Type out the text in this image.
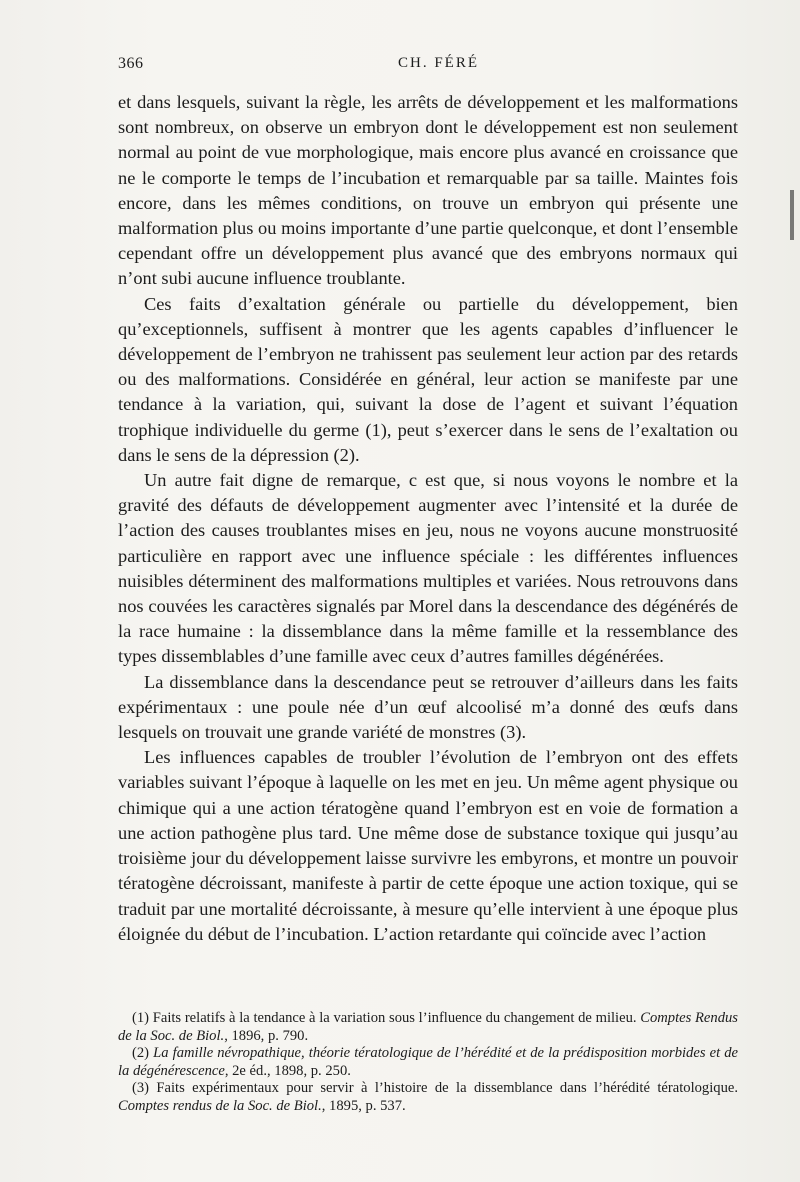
366	CH. FÉRÉ

et dans lesquels, suivant la règle, les arrêts de développement et les malformations sont nombreux, on observe un embryon dont le développement est non seulement normal au point de vue morphologique, mais encore plus avancé en croissance que ne le comporte le temps de l’incubation et remarquable par sa taille. Maintes fois encore, dans les mêmes conditions, on trouve un embryon qui présente une malformation plus ou moins importante d’une partie quelconque, et dont l’ensemble cependant offre un développement plus avancé que des embryons normaux qui n’ont subi aucune influence troublante.

Ces faits d’exaltation générale ou partielle du développement, bien qu’exceptionnels, suffisent à montrer que les agents capables d’influencer le développement de l’embryon ne trahissent pas seulement leur action par des retards ou des malformations. Considérée en général, leur action se manifeste par une tendance à la variation, qui, suivant la dose de l’agent et suivant l’équation trophique individuelle du germe (1), peut s’exercer dans le sens de l’exaltation ou dans le sens de la dépression (2).

Un autre fait digne de remarque, c est que, si nous voyons le nombre et la gravité des défauts de développement augmenter avec l’intensité et la durée de l’action des causes troublantes mises en jeu, nous ne voyons aucune monstruosité particulière en rapport avec une influence spéciale : les différentes influences nuisibles déterminent des malformations multiples et variées. Nous retrouvons dans nos couvées les caractères signalés par Morel dans la descendance des dégénérés de la race humaine : la dissemblance dans la même famille et la ressemblance des types dissemblables d’une famille avec ceux d’autres familles dégénérées.

La dissemblance dans la descendance peut se retrouver d’ailleurs dans les faits expérimentaux : une poule née d’un œuf alcoolisé m’a donné des œufs dans lesquels on trouvait une grande variété de monstres (3).

Les influences capables de troubler l’évolution de l’embryon ont des effets variables suivant l’époque à laquelle on les met en jeu. Un même agent physique ou chimique qui a une action tératogène quand l’embryon est en voie de formation a une action pathogène plus tard. Une même dose de substance toxique qui jusqu’au troisième jour du développement laisse survivre les embyrons, et montre un pouvoir tératogène décroissant, manifeste à partir de cette époque une action toxique, qui se traduit par une mortalité décroissante, à mesure qu’elle intervient à une époque plus éloignée du début de l’incubation. L’action retardante qui coïncide avec l’action

(1) Faits relatifs à la tendance à la variation sous l’influence du changement de milieu. Comptes Rendus de la Soc. de Biol., 1896, p. 790.

(2) La famille névropathique, théorie tératologique de l’hérédité et de la prédisposition morbides et de la dégénérescence, 2e éd., 1898, p. 250.

(3) Faits expérimentaux pour servir à l’histoire de la dissemblance dans l’hérédité tératologique. Comptes rendus de la Soc. de Biol., 1895, p. 537.
